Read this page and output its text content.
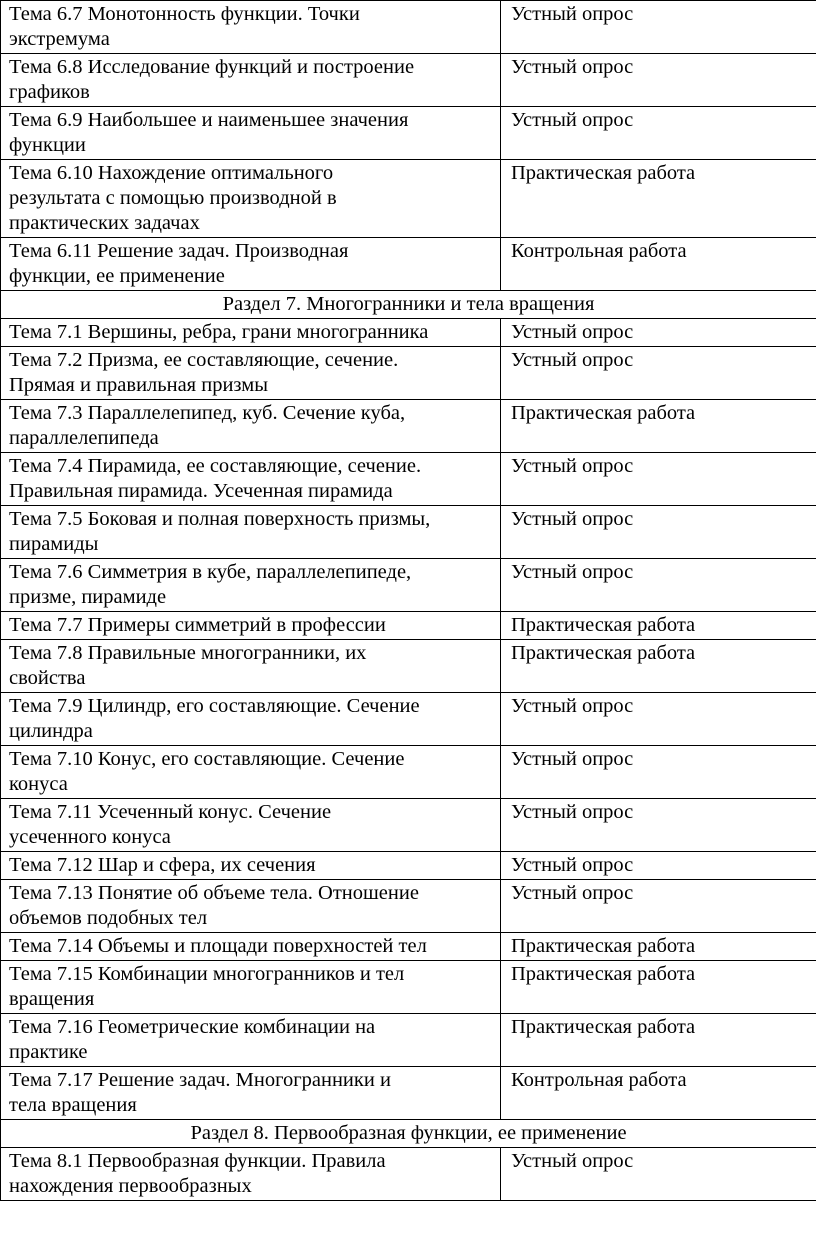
Тема 6.7 Монотонность функции. Точки
экстремума	Устный опрос
Тема 6.8 Исследование функций и построение
графиков	Устный опрос
Тема 6.9 Наибольшее и наименьшее значения
функции	Устный опрос
Тема 6.10 Нахождение оптимального
результата с помощью производной в
практических задачах	Практическая работа
Тема 6.11 Решение задач. Производная
функции, ее применение	Контрольная работа
Раздел 7. Многогранники и тела вращения	
Тема 7.1 Вершины, ребра, грани многогранника	Устный опрос
Тема 7.2 Призма, ее составляющие, сечение.
Прямая и правильная призмы	Устный опрос
Тема 7.3 Параллелепипед, куб. Сечение куба,
параллелепипеда	Практическая работа
Тема 7.4 Пирамида, ее составляющие, сечение.
Правильная пирамида. Усеченная пирамида	Устный опрос
Тема 7.5 Боковая и полная поверхность призмы,
пирамиды	Устный опрос
Тема 7.6 Симметрия в кубе, параллелепипеде,
призме, пирамиде	Устный опрос
Тема 7.7 Примеры симметрий в профессии	Практическая работа
Тема 7.8 Правильные многогранники, их
свойства	Практическая работа
Тема 7.9 Цилиндр, его составляющие. Сечение
цилиндра	Устный опрос
Тема 7.10 Конус, его составляющие. Сечение
конуса	Устный опрос
Тема 7.11 Усеченный конус. Сечение
усеченного конуса	Устный опрос
Тема 7.12 Шар и сфера, их сечения	Устный опрос
Тема 7.13 Понятие об объеме тела. Отношение
объемов подобных тел	Устный опрос
Тема 7.14 Объемы и площади поверхностей тел	Практическая работа
Тема 7.15 Комбинации многогранников и тел
вращения	Практическая работа
Тема 7.16 Геометрические комбинации на
практике	Практическая работа
Тема 7.17 Решение задач. Многогранники и
тела вращения	Контрольная работа
Раздел 8. Первообразная функции, ее применение	
Тема 8.1 Первообразная функции. Правила
нахождения первообразных	Устный опрос
